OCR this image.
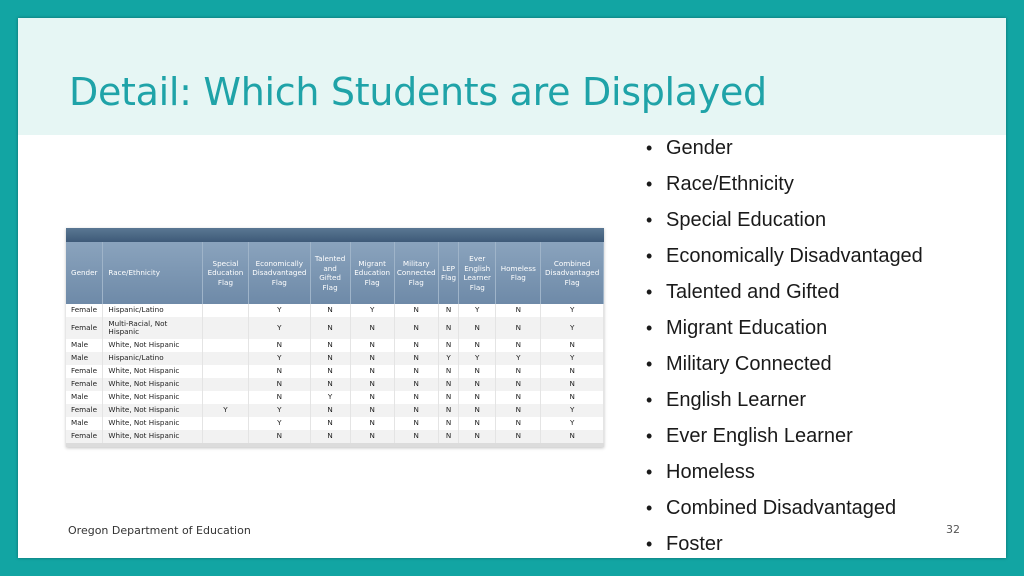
Detail: Which Students are Displayed
Gender	Race/Ethnicity	Special Education Flag	Economically Disadvantaged Flag	Talented and Gifted Flag	Migrant Education Flag	Military Connected Flag	LEP Flag	Ever English Learner Flag	Homeless Flag	Combined Disadvantaged Flag
Female	Hispanic/Latino		Y	N	Y	N	N	Y	N	Y
Female	Multi-Racial, Not Hispanic		Y	N	N	N	N	N	N	Y
Male	White, Not Hispanic		N	N	N	N	N	N	N	N
Male	Hispanic/Latino		Y	N	N	N	Y	Y	Y	Y
Female	White, Not Hispanic		N	N	N	N	N	N	N	N
Female	White, Not Hispanic		N	N	N	N	N	N	N	N
Male	White, Not Hispanic		N	Y	N	N	N	N	N	N
Female	White, Not Hispanic	Y	Y	N	N	N	N	N	N	Y
Male	White, Not Hispanic		Y	N	N	N	N	N	N	Y
Female	White, Not Hispanic		N	N	N	N	N	N	N	N
• Gender
• Race/Ethnicity
• Special Education
• Economically Disadvantaged
• Talented and Gifted
• Migrant Education
• Military Connected
• English Learner
• Ever English Learner
• Homeless
• Combined Disadvantaged
• Foster
Oregon Department of Education	32
